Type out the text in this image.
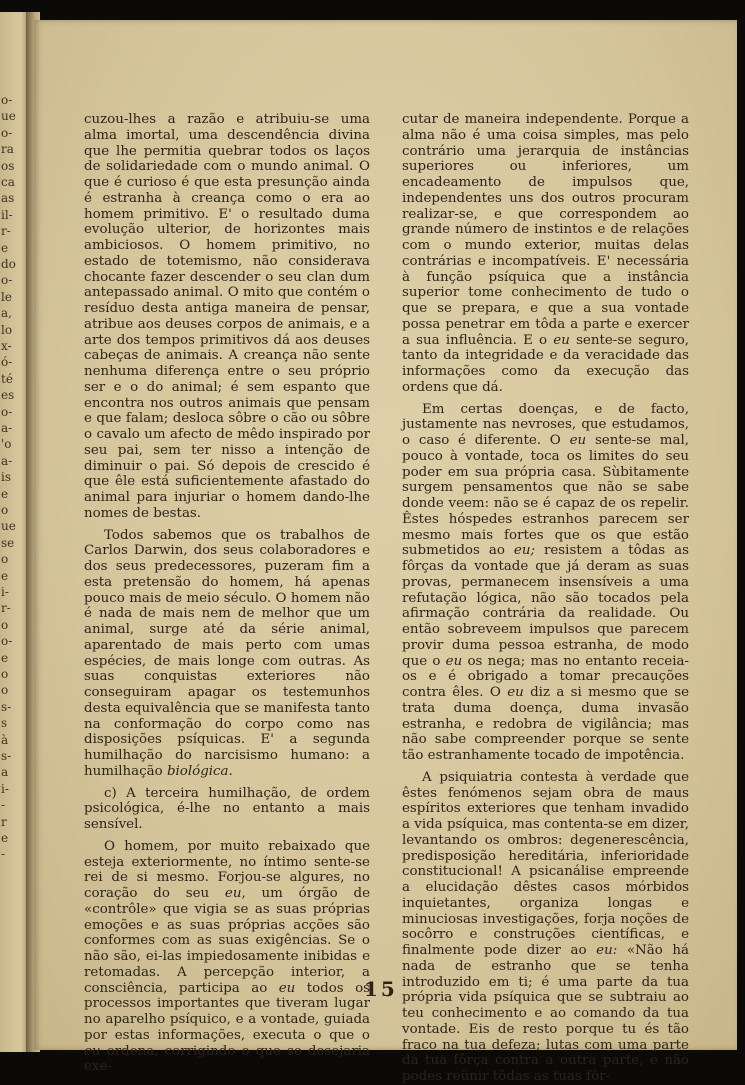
o-
ue
o-
ra
os
ca
as
il-
r-
e
do
o-
le
a,
lo
x-
ó-
té
es
o-
a-
'o
a-
is
e
o
ue
se
o
e
i-
r-
o
o-
e
o
o
s-
s
à
s-
a
i-
-
r
e
-

cuzou-lhes a razão e atribuiu-se uma alma imortal, uma descendência divina que lhe permitia quebrar todos os laços de solidariedade com o mundo animal. O que é curioso é que esta presunção ainda é estranha à creança como o era ao homem primitivo. E' o resultado duma evolução ulterior, de horizontes mais ambiciosos. O homem primitivo, no estado de totemismo, não considerava chocante fazer descender o seu clan dum antepassado animal. O mito que contém o resíduo desta antiga maneira de pensar, atribue aos deuses corpos de animais, e a arte dos tempos primitivos dá aos deuses cabeças de animais. A creança não sente nenhuma diferença entre o seu próprio ser e o do animal; é sem espanto que encontra nos outros animais que pensam e que falam; desloca sôbre o cão ou sôbre o cavalo um afecto de mêdo inspirado por seu pai, sem ter nisso a intenção de diminuir o pai. Só depois de crescido é que êle está suficientemente afastado do animal para injuriar o homem dando-lhe nomes de bestas.

Todos sabemos que os trabalhos de Carlos Darwin, dos seus colaboradores e dos seus predecessores, puzeram fim a esta pretensão do homem, há apenas pouco mais de meio século. O homem não é nada de mais nem de melhor que um animal, surge até da série animal, aparentado de mais perto com umas espécies, de mais longe com outras. As suas conquistas exteriores não conseguiram apagar os testemunhos desta equivalência que se manifesta tanto na conformação do corpo como nas disposições psíquicas. E' a segunda humilhação do narcisismo humano: a humilhação biológica.

c) A terceira humilhação, de ordem psicológica, é-lhe no entanto a mais sensível.

O homem, por muito rebaixado que esteja exteriormente, no íntimo sente-se rei de si mesmo. Forjou-se algures, no coração do seu eu, um órgão de «contrôle» que vigia se as suas próprias emoções e as suas próprias acções são conformes com as suas exigências. Se o não são, ei-las impiedosamente inibidas e retomadas. A percepção interior, a consciência, participa ao eu todos os processos importantes que tiveram lugar no aparelho psíquico, e a vontade, guiada por estas informações, executa o que o eu ordena, corrigindo o que se desejaria exe-

cutar de maneira independente. Porque a alma não é uma coisa simples, mas pelo contrário uma jerarquia de instâncias superiores ou inferiores, um encadeamento de impulsos que, independentes uns dos outros procuram realizar-se, e que correspondem ao grande número de instintos e de relações com o mundo exterior, muitas delas contrárias e incompatíveis. E' necessária à função psíquica que a instância superior tome conhecimento de tudo o que se prepara, e que a sua vontade possa penetrar em tôda a parte e exercer a sua influência. E o eu sente-se seguro, tanto da integridade e da veracidade das informações como da execução das ordens que dá.

Em certas doenças, e de facto, justamente nas nevroses, que estudamos, o caso é diferente. O eu sente-se mal, pouco à vontade, toca os limites do seu poder em sua própria casa. Sùbitamente surgem pensamentos que não se sabe donde veem: não se é capaz de os repelir. Êstes hóspedes estranhos parecem ser mesmo mais fortes que os que estão submetidos ao eu; resistem a tôdas as fôrças da vontade que já deram as suas provas, permanecem insensíveis a uma refutação lógica, não são tocados pela afirmação contrária da realidade. Ou então sobreveem impulsos que parecem provir duma pessoa estranha, de modo que o eu os nega; mas no entanto receia-os e é obrigado a tomar precauções contra êles. O eu diz a si mesmo que se trata duma doença, duma invasão estranha, e redobra de vigilância; mas não sabe compreender porque se sente tão estranhamente tocado de impotência.

A psiquiatria contesta à verdade que êstes fenómenos sejam obra de maus espíritos exteriores que tenham invadido a vida psíquica, mas contenta-se em dizer, levantando os ombros: degenerescência, predisposição hereditária, inferioridade constitucional! A psicanálise empreende a elucidação dêstes casos mórbidos inquietantes, organiza longas e minuciosas investigações, forja noções de socôrro e construções científicas, e finalmente pode dizer ao eu: «Não há nada de estranho que se tenha introduzido em ti; é uma parte da tua própria vida psíquica que se subtraiu ao teu conhecimento e ao comando da tua vontade. Eis de resto porque tu és tão fraco na tua defeza; lutas com uma parte da tua fôrça contra a outra parte, e não podes reünir tôdas as tuas fôr-

15
